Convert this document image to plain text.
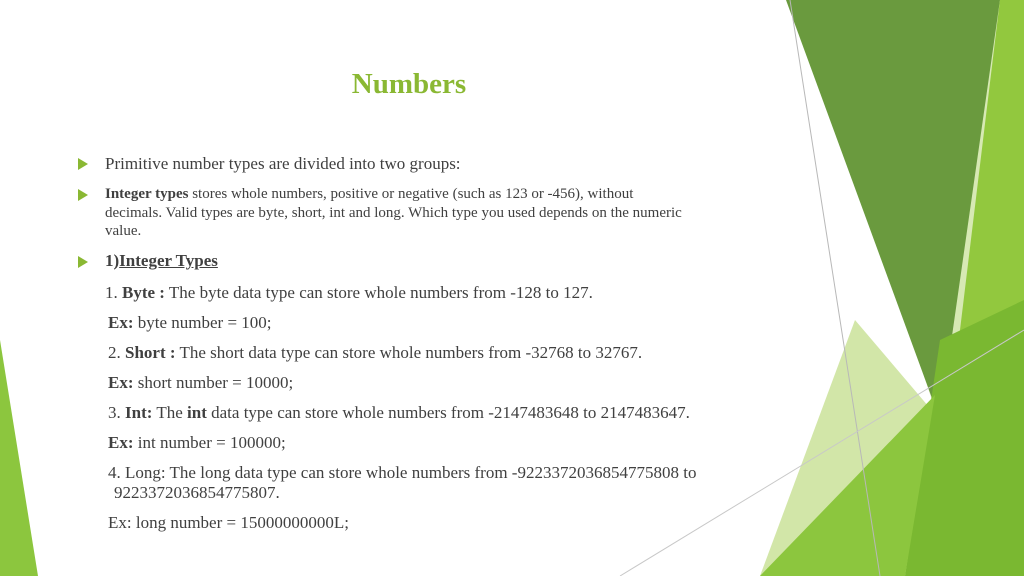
Numbers
Primitive number types are divided into two groups:
Integer types stores whole numbers, positive or negative (such as 123 or -456), without
decimals. Valid types are byte, short, int and long. Which type you used depends on the numeric
value.
1)Integer Types
1. Byte : The byte data type can store whole numbers from -128 to 127.
Ex: byte number = 100;
2. Short : The short data type can store whole numbers from -32768 to 32767.
Ex: short number = 10000;
3. Int: The int data type can store whole numbers from -2147483648 to 2147483647.
Ex: int number = 100000;
4. Long: The long data type can store whole numbers from -9223372036854775808 to
9223372036854775807.
Ex: long number = 15000000000L;
